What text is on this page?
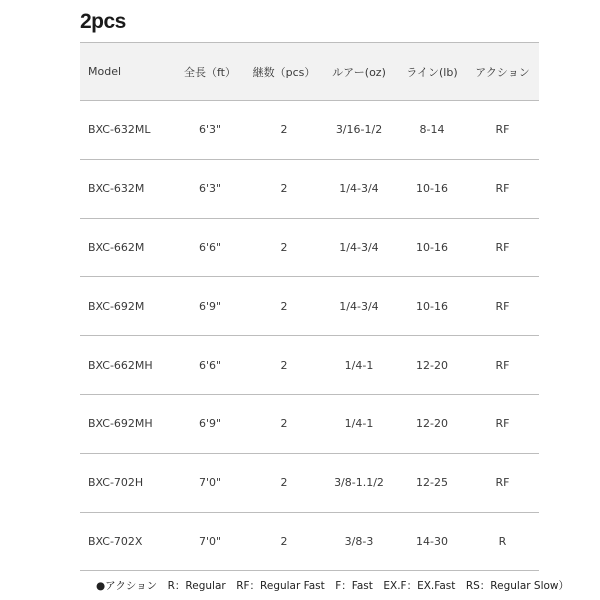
2pcs
Model	全長（ft）	継数（pcs）	ルアー(oz)	ライン(lb)	アクション
BXC-632ML	6'3"	2	3/16-1/2	8-14	RF
BXC-632M	6'3"	2	1/4-3/4	10-16	RF
BXC-662M	6'6"	2	1/4-3/4	10-16	RF
BXC-692M	6'9"	2	1/4-3/4	10-16	RF
BXC-662MH	6'6"	2	1/4-1	12-20	RF
BXC-692MH	6'9"	2	1/4-1	12-20	RF
BXC-702H	7'0"	2	3/8-1.1/2	12-25	RF
BXC-702X	7'0"	2	3/8-3	14-30	R
●アクション　R：Regular　RF：Regular Fast　F：Fast　EX.F：EX.Fast　RS：Regular Slow）
